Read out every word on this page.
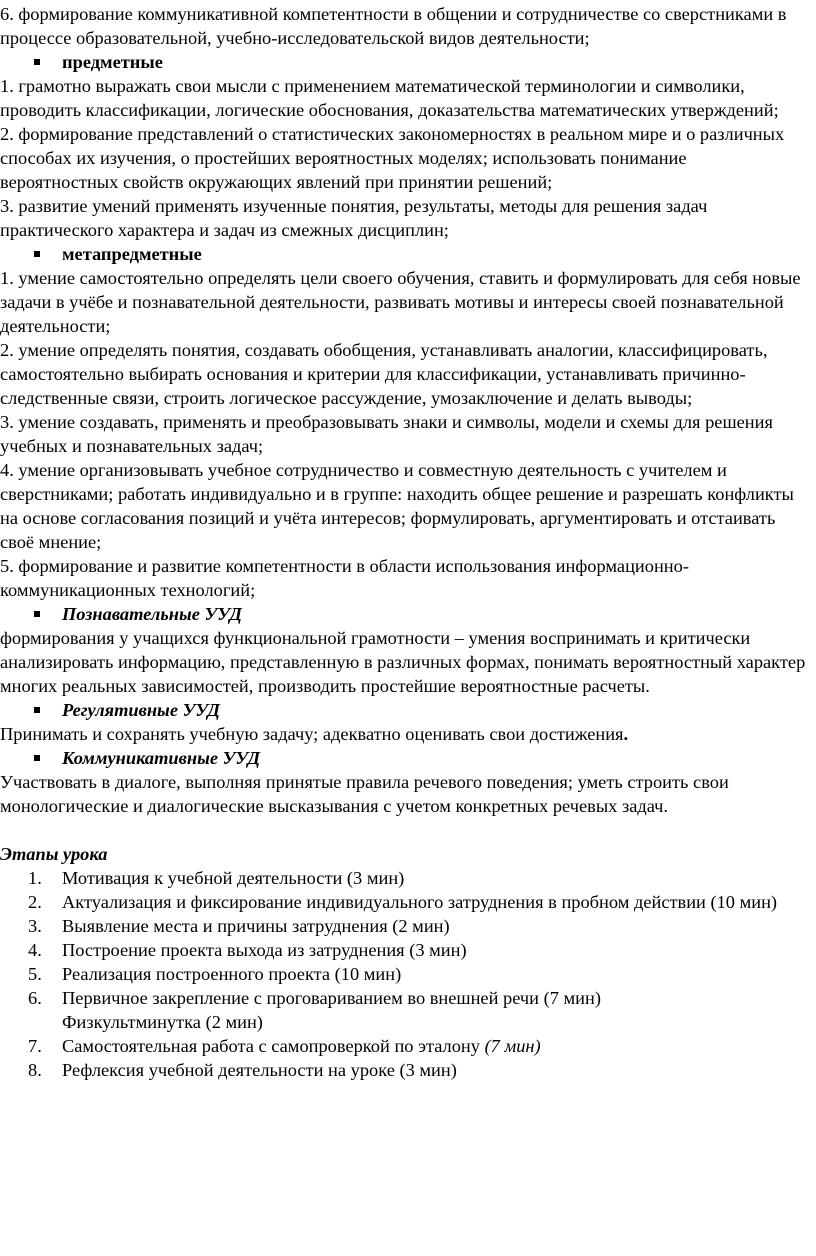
6. формирование коммуникативной компетентности в общении и сотрудничестве со сверстниками в процессе образовательной, учебно-исследовательской видов деятельности;

предметные

1. грамотно выражать свои мысли с применением математической терминологии и символики, проводить классификации, логические обоснования, доказательства математических утверждений;

2. формирование представлений о статистических закономерностях в реальном мире и о различных способах их изучения, о простейших вероятностных моделях; использовать понимание вероятностных свойств окружающих явлений при принятии решений;

3. развитие умений применять изученные понятия, результаты, методы для решения задач практического характера и задач из смежных дисциплин;

метапредметные

1. умение самостоятельно определять цели своего обучения, ставить и формулировать для себя новые задачи в учёбе и познавательной деятельности, развивать мотивы и интересы своей познавательной деятельности;

2. умение определять понятия, создавать обобщения, устанавливать аналогии, классифицировать, самостоятельно выбирать основания и критерии для классификации, устанавливать причинно-следственные связи, строить логическое рассуждение, умозаключение и делать выводы;

3. умение создавать, применять и преобразовывать знаки и символы, модели и схемы для решения учебных и познавательных задач;

4. умение организовывать учебное сотрудничество и совместную деятельность с учителем и сверстниками; работать индивидуально и в группе: находить общее решение и разрешать конфликты на основе согласования позиций и учёта интересов; формулировать, аргументировать и отстаивать своё мнение;

5. формирование и развитие компетентности в области использования информационно-коммуникационных технологий;

Познавательные УУД

формирования у учащихся функциональной грамотности – умения воспринимать и критически анализировать информацию, представленную в различных формах, понимать вероятностный характер многих реальных зависимостей, производить простейшие вероятностные расчеты.

Регулятивные УУД

Принимать и сохранять учебную задачу; адекватно оценивать свои достижения.

Коммуникативные УУД

Участвовать в диалоге, выполняя принятые правила речевого поведения; уметь строить свои монологические и диалогические высказывания с учетом конкретных речевых задач.

Этапы урока

1. Мотивация к учебной деятельности (3 мин)
2. Актуализация и фиксирование индивидуального затруднения в пробном действии (10 мин)
3. Выявление места и причины затруднения (2 мин)
4. Построение проекта выхода из затруднения (3 мин)
5. Реализация построенного проекта (10 мин)
6. Первичное закрепление с проговариванием во внешней речи (7 мин)
Физкультминутка (2 мин)
7. Самостоятельная работа с самопроверкой по эталону (7 мин)
8. Рефлексия учебной деятельности на уроке (3 мин)
